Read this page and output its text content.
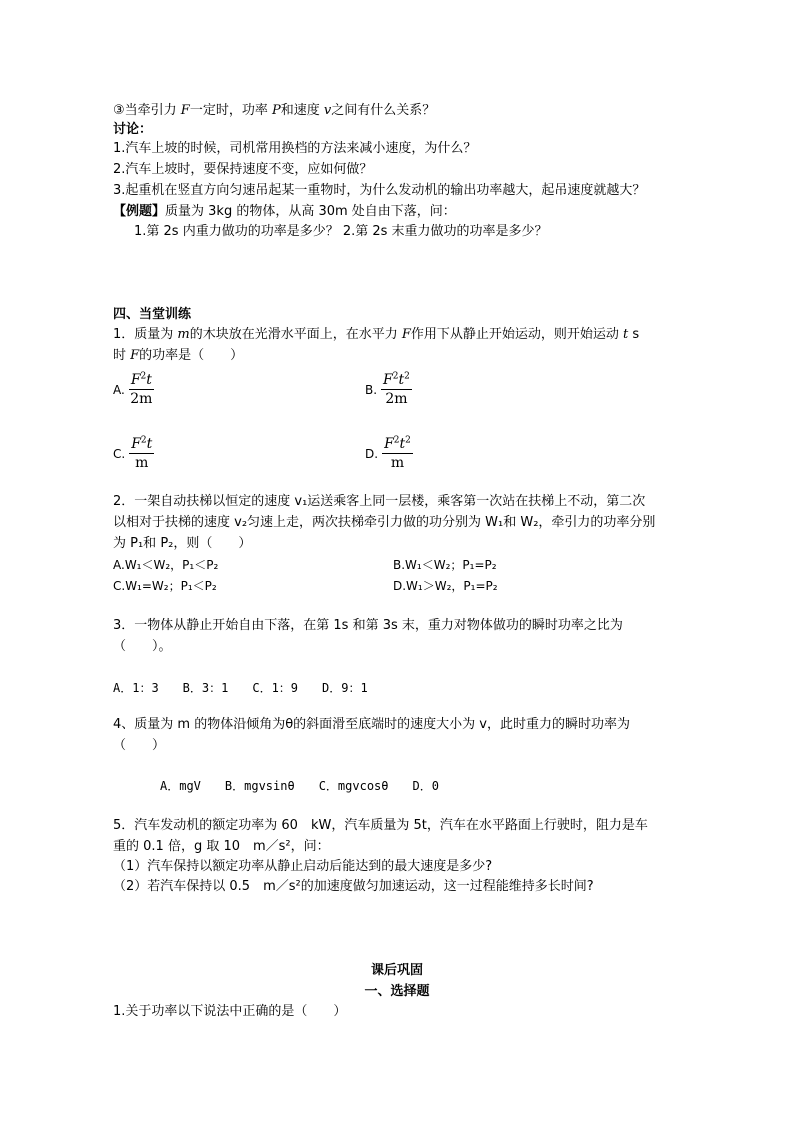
③当牵引力 F一定时，功率 P和速度 v之间有什么关系？
讨论：
1.汽车上坡的时候，司机常用换档的方法来减小速度，为什么？
2.汽车上坡时，要保持速度不变，应如何做？
3.起重机在竖直方向匀速吊起某一重物时，为什么发动机的输出功率越大，起吊速度就越大？
【例题】质量为 3kg 的物体，从高 30m 处自由下落，问：
1.第 2s 内重力做功的功率是多少？ 2.第 2s 末重力做功的功率是多少？
四、当堂训练
1．质量为 m的木块放在光滑水平面上，在水平力 F作用下从静止开始运动，则开始运动 t s
时 F的功率是（　　）
A. $\frac{F^2t}{2m}$	B. $\frac{F^2t^2}{2m}$
C. $\frac{F^2t}{m}$	D. $\frac{F^2t^2}{m}$
2．一架自动扶梯以恒定的速度 v₁运送乘客上同一层楼，乘客第一次站在扶梯上不动，第二次
以相对于扶梯的速度 v₂匀速上走，两次扶梯牵引力做的功分别为 W₁和 W₂，牵引力的功率分别
为 P₁和 P₂，则（　　）
A.W₁＜W₂，P₁＜P₂	B.W₁＜W₂；P₁=P₂
C.W₁=W₂；P₁＜P₂	D.W₁＞W₂，P₁=P₂
3．一物体从静止开始自由下落，在第 1s 和第 3s 末，重力对物体做功的瞬时功率之比为
（　　）。
A．1：3　　B．3：1　　C．1：9　　D．9：1
4、质量为 m 的物体沿倾角为θ的斜面滑至底端时的速度大小为 v，此时重力的瞬时功率为
（　　）
A．mgV　　B．mgvsinθ　　C．mgvcosθ　　D．0
5．汽车发动机的额定功率为 60　kW，汽车质量为 5t，汽车在水平路面上行驶时，阻力是车
重的 0.1 倍，g 取 10　m／s²，问：
（1）汽车保持以额定功率从静止启动后能达到的最大速度是多少?
（2）若汽车保持以 0.5　m／s²的加速度做匀加速运动，这一过程能维持多长时间?
课后巩固
一、选择题
1.关于功率以下说法中正确的是（　　）
